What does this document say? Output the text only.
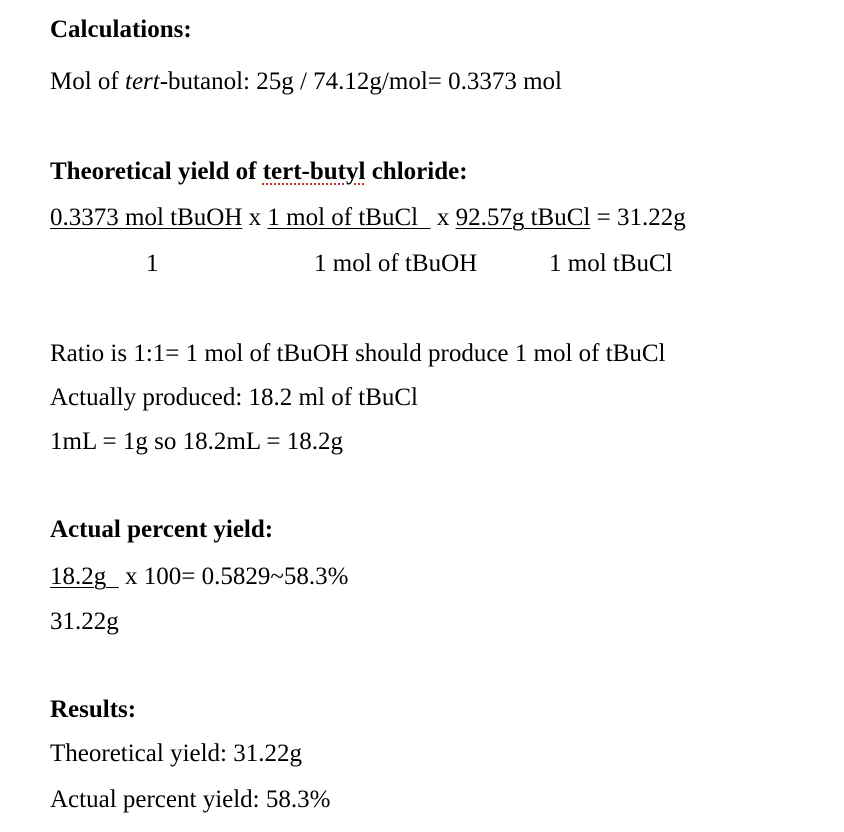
Calculations:
Mol of tert-butanol: 25g / 74.12g/mol= 0.3373 mol
Theoretical yield of tert-butyl chloride:
0.3373 mol tBuOH x 1 mol of tBuCl x 92.57g tBuCl = 31.22g
1	1 mol of tBuOH	1 mol tBuCl
Ratio is 1:1= 1 mol of tBuOH should produce 1 mol of tBuCl
Actually produced: 18.2 ml of tBuCl
1mL = 1g so 18.2mL = 18.2g
Actual percent yield:
18.2g x 100= 0.5829~58.3%
31.22g
Results:
Theoretical yield: 31.22g
Actual percent yield: 58.3%
